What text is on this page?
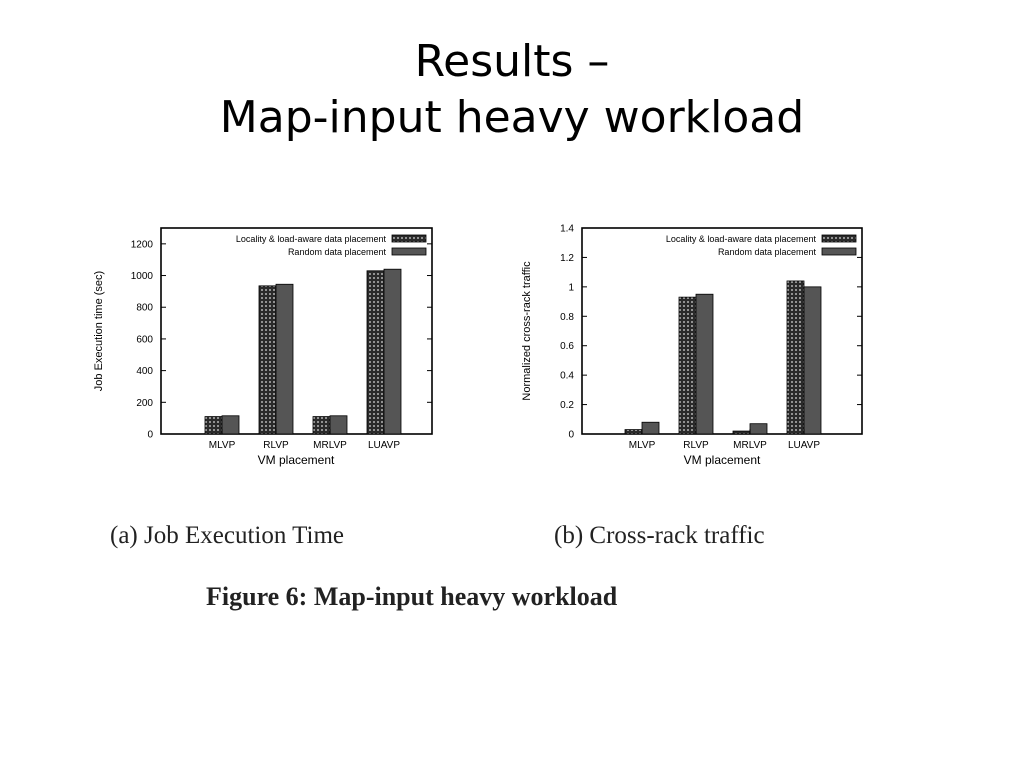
Results –
Map-input heavy workload
0
200
400
600
800
1000
1200
Job Execution time (sec)
MLVP	RLVP MRLVP LUAVP
VM placement
Locality & load-aware data placement
Random data placement
0
0.2
0.4
0.6
0.8
1
1.2
1.4
Normalized cross-rack traffic
MLVP	RLVP MRLVP LUAVP
VM placement
Locality & load-aware data placement
Random data placement
(a) Job Execution Time	(b) Cross-rack traffic
Figure 6: Map-input heavy workload
